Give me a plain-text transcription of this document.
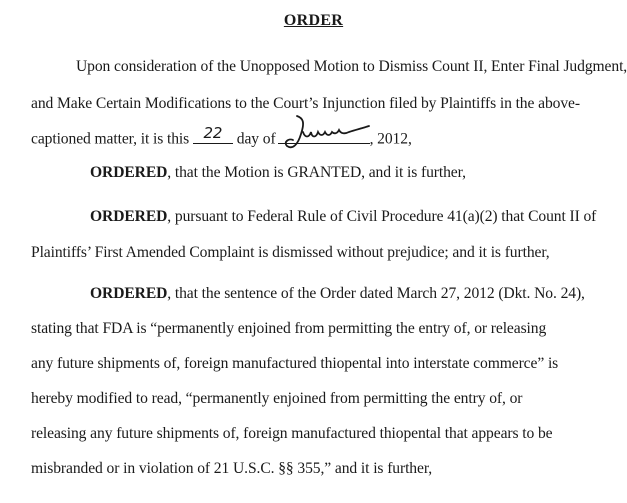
ORDER
Upon consideration of the Unopposed Motion to Dismiss Count II, Enter Final Judgment,
and Make Certain Modifications to the Court’s Injunction filed by Plaintiffs in the above-
captioned matter, it is this 22 day of	, 2012,
ORDERED, that the Motion is GRANTED, and it is further,
ORDERED, pursuant to Federal Rule of Civil Procedure 41(a)(2) that Count II of
Plaintiffs’ First Amended Complaint is dismissed without prejudice; and it is further,
ORDERED, that the sentence of the Order dated March 27, 2012 (Dkt. No. 24),
stating that FDA is “permanently enjoined from permitting the entry of, or releasing
any future shipments of, foreign manufactured thiopental into interstate commerce” is
hereby modified to read, “permanently enjoined from permitting the entry of, or
releasing any future shipments of, foreign manufactured thiopental that appears to be
misbranded or in violation of 21 U.S.C. §§ 355,” and it is further,
